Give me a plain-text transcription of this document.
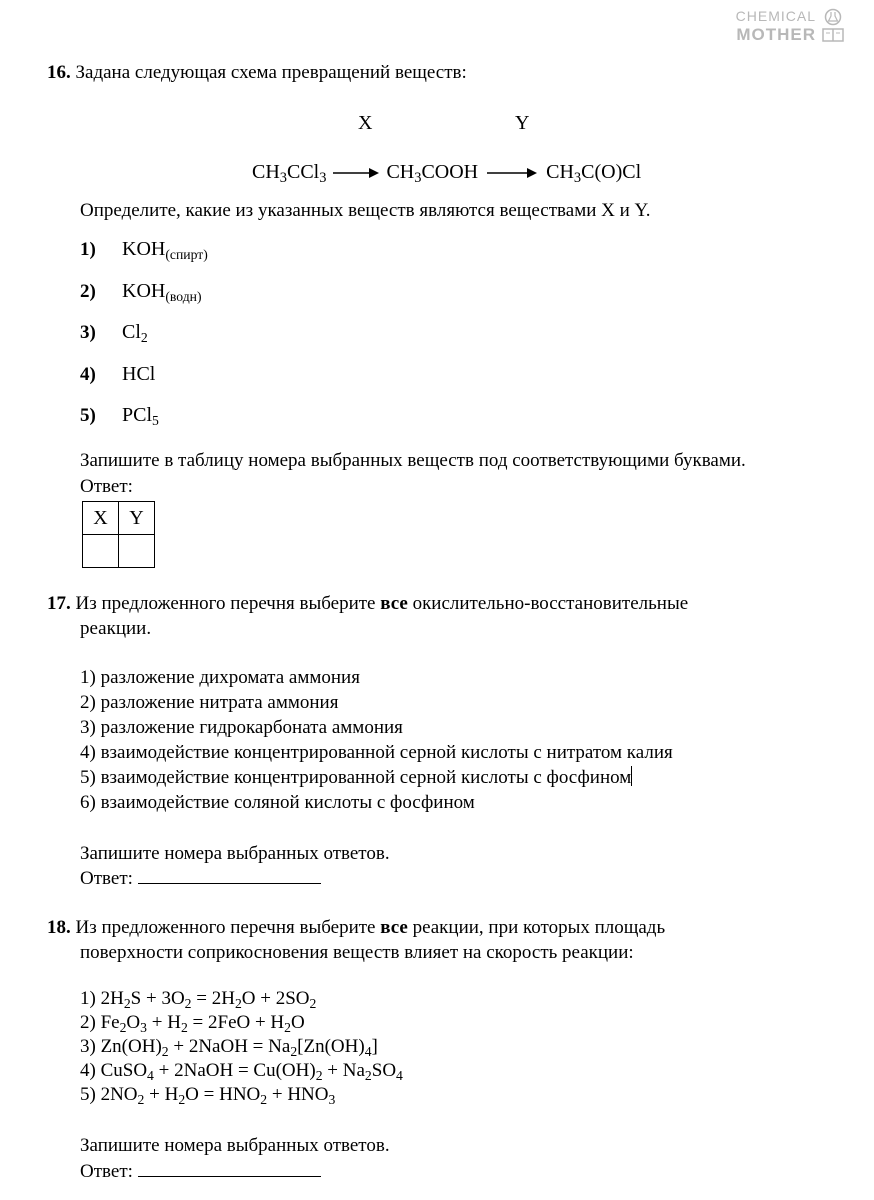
CHEMICAL
MOTHER
16. Задана следующая схема превращений веществ:
X	Y
$CH_3CCl_3$	$CH_3COOH$	$CH_3C(O)Cl$
Определите, какие из указанных веществ являются веществами X и Y.
1) $KOH_{(спирт)}$
2) $KOH_{(водн)}$
3) $Cl_2$
4) HCl
5) PCl$_5$
Запишите в таблицу номера выбранных веществ под соответствующими буквами.
Ответ:
X	Y

17. Из предложенного перечня выберите все окислительно-восстановительные
реакции.
1) разложение дихромата аммония
2) разложение нитрата аммония
3) разложение гидрокарбоната аммония
4) взаимодействие концентрированной серной кислоты с нитратом калия
5) взаимодействие концентрированной серной кислоты с фосфином
6) взаимодействие соляной кислоты с фосфином
Запишите номера выбранных ответов.
Ответ:
18. Из предложенного перечня выберите все реакции, при которых площадь
поверхности соприкосновения веществ влияет на скорость реакции:
1) $2H_2S + 3O_2 = 2H_2O + 2SO_2$
2) $Fe_2O_3 + H_2 = 2FeO + H_2O$
3) $Zn(OH)_2$ + 2NaOH = $Na_2[Zn(OH)_4]$
4) CuSO$_4$ + 2NaOH = $Cu(OH)_2 + Na_2SO_4$
5) $2NO_2 + H_2O = HNO_2 + HNO_3$
Запишите номера выбранных ответов.
Ответ:
